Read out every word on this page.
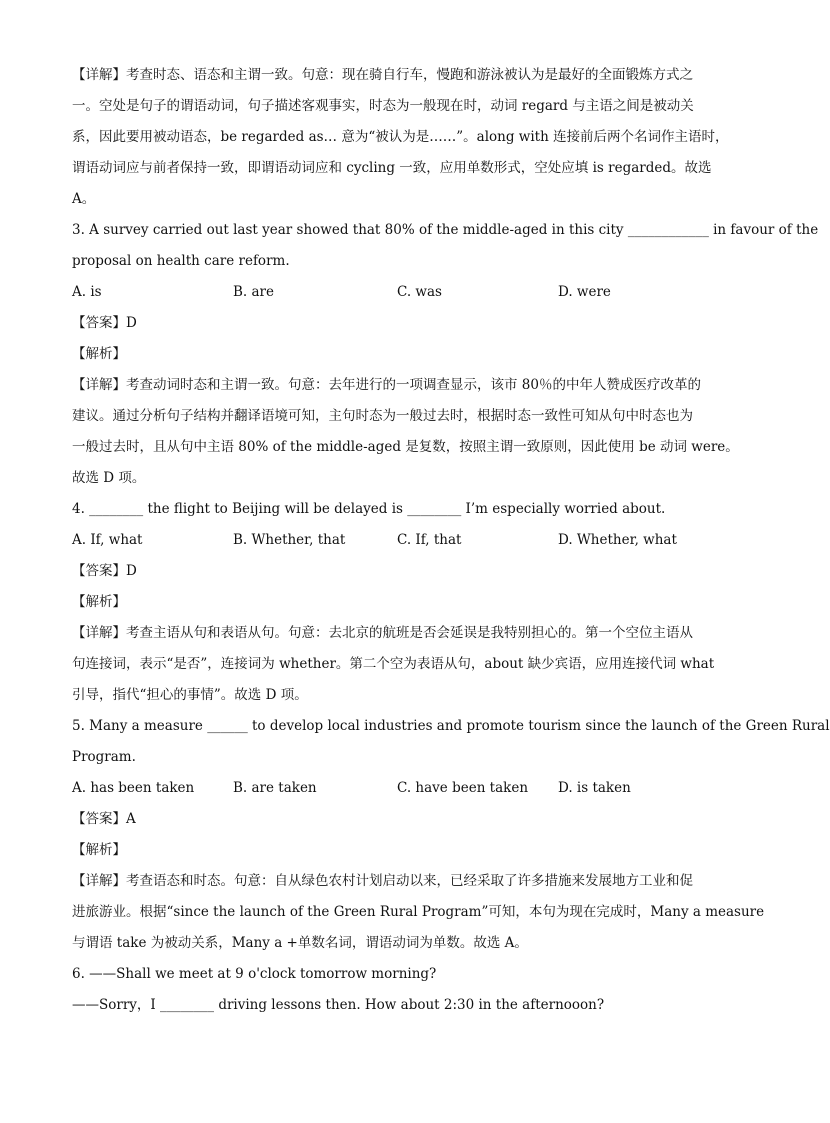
【详解】考查时态、语态和主谓一致。句意：现在骑自行车，慢跑和游泳被认为是最好的全面锻炼方式之
一。空处是句子的谓语动词，句子描述客观事实，时态为一般现在时，动词 regard 与主语之间是被动关
系，因此要用被动语态，be regarded as… 意为“被认为是……”。along with 连接前后两个名词作主语时，
谓语动词应与前者保持一致，即谓语动词应和 cycling 一致，应用单数形式，空处应填 is regarded。故选
A。
3. A survey carried out last year showed that 80% of the middle-aged in this city ____________ in favour of the
proposal on health care reform.
A. is	B. are	C. was	D. were
【答案】D
【解析】
【详解】考查动词时态和主谓一致。句意：去年进行的一项调查显示，该市 80％的中年人赞成医疗改革的
建议。通过分析句子结构并翻译语境可知，主句时态为一般过去时，根据时态一致性可知从句中时态也为
一般过去时，且从句中主语 80% of the middle-aged 是复数，按照主谓一致原则，因此使用 be 动词 were。
故选 D 项。
4. ________ the flight to Beijing will be delayed is ________ I’m especially worried about.
A. If, what	B. Whether, that	C. If, that	D. Whether, what
【答案】D
【解析】
【详解】考查主语从句和表语从句。句意：去北京的航班是否会延误是我特别担心的。第一个空位主语从
句连接词，表示“是否”，连接词为 whether。第二个空为表语从句，about 缺少宾语，应用连接代词 what
引导，指代“担心的事情”。故选 D 项。
5. Many a measure ______ to develop local industries and promote tourism since the launch of the Green Rural
Program.
A. has been taken	B. are taken	C. have been taken	D. is taken
【答案】A
【解析】
【详解】考查语态和时态。句意：自从绿色农村计划启动以来，已经采取了许多措施来发展地方工业和促
进旅游业。根据“since the launch of the Green Rural Program”可知，本句为现在完成时，Many a measure
与谓语 take 为被动关系，Many a +单数名词，谓语动词为单数。故选 A。
6. ——Shall we meet at 9 o'clock tomorrow morning?
——Sorry，I ________ driving lessons then. How about 2:30 in the afternooon?
